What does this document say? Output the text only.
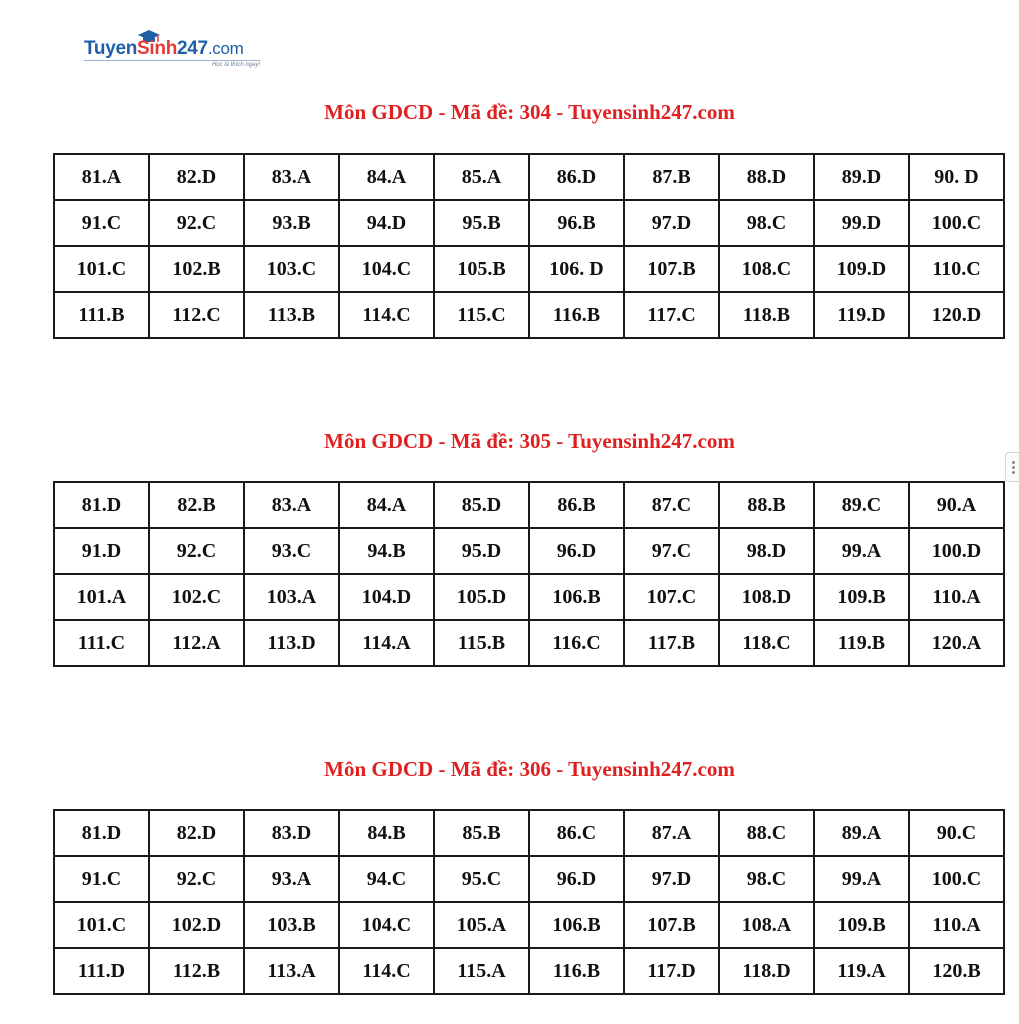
TuyenSinh247.com
Học là thích ngay!
Môn GDCD - Mã đề: 304 - Tuyensinh247.com
81.A	82.D	83.A	84.A	85.A	86.D	87.B	88.D	89.D	90. D
91.C	92.C	93.B	94.D	95.B	96.B	97.D	98.C	99.D	100.C
101.C	102.B	103.C	104.C	105.B	106. D	107.B	108.C	109.D	110.C
111.B	112.C	113.B	114.C	115.C	116.B	117.C	118.B	119.D	120.D
Môn GDCD - Mã đề: 305 - Tuyensinh247.com
81.D	82.B	83.A	84.A	85.D	86.B	87.C	88.B	89.C	90.A
91.D	92.C	93.C	94.B	95.D	96.D	97.C	98.D	99.A	100.D
101.A	102.C	103.A	104.D	105.D	106.B	107.C	108.D	109.B	110.A
111.C	112.A	113.D	114.A	115.B	116.C	117.B	118.C	119.B	120.A
Môn GDCD - Mã đề: 306 - Tuyensinh247.com
81.D	82.D	83.D	84.B	85.B	86.C	87.A	88.C	89.A	90.C
91.C	92.C	93.A	94.C	95.C	96.D	97.D	98.C	99.A	100.C
101.C	102.D	103.B	104.C	105.A	106.B	107.B	108.A	109.B	110.A
111.D	112.B	113.A	114.C	115.A	116.B	117.D	118.D	119.A	120.B
